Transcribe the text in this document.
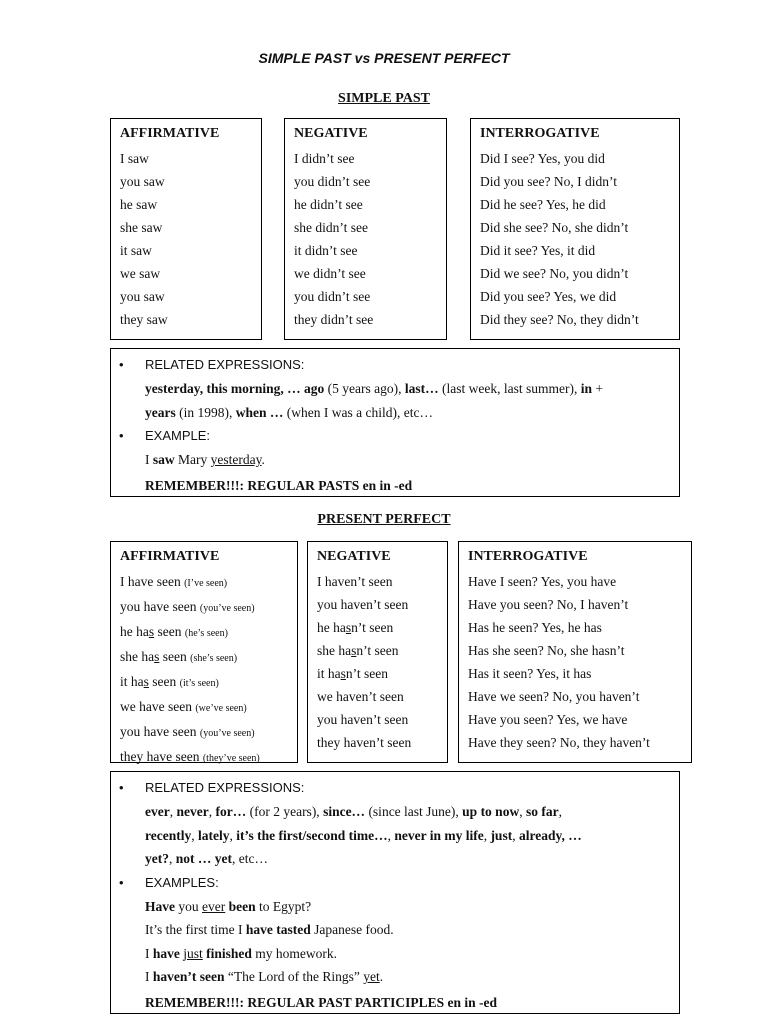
SIMPLE PAST vs PRESENT PERFECT
SIMPLE PAST
AFFIRMATIVE
I saw
you saw
he saw
she saw
it saw
we saw
you saw
they saw
NEGATIVE
I didn’t see
you didn’t see
he didn’t see
she didn’t see
it didn’t see
we didn’t see
you didn’t see
they didn’t see
INTERROGATIVE
Did I see? Yes, you did
Did you see? No, I didn’t
Did he see? Yes, he did
Did she see? No, she didn’t
Did it see? Yes, it did
Did we see? No, you didn’t
Did you see? Yes, we did
Did they see? No, they didn’t
• RELATED EXPRESSIONS:
yesterday, this morning, … ago (5 years ago), last… (last week, last summer), in +
years (in 1998), when … (when I was a child), etc…
• EXAMPLE:
I saw Mary yesterday.
REMEMBER!!!: REGULAR PASTS en in -ed
PRESENT PERFECT
AFFIRMATIVE
I have seen (I’ve seen)
you have seen (you’ve seen)
he has seen (he’s seen)
she has seen (she’s seen)
it has seen (it’s seen)
we have seen (we’ve seen)
you have seen (you’ve seen)
they have seen (they’ve seen)
NEGATIVE
I haven’t seen
you haven’t seen
he hasn’t seen
she hasn’t seen
it hasn’t seen
we haven’t seen
you haven’t seen
they haven’t seen
INTERROGATIVE
Have I seen? Yes, you have
Have you seen? No, I haven’t
Has he seen? Yes, he has
Has she seen? No, she hasn’t
Has it seen? Yes, it has
Have we seen? No, you haven’t
Have you seen? Yes, we have
Have they seen? No, they haven’t
• RELATED EXPRESSIONS:
ever, never, for… (for 2 years), since… (since last June), up to now, so far,
recently, lately, it’s the first/second time…, never in my life, just, already, …
yet?, not … yet, etc…
• EXAMPLES:
Have you ever been to Egypt?
It’s the first time I have tasted Japanese food.
I have just finished my homework.
I haven’t seen “The Lord of the Rings” yet.
REMEMBER!!!: REGULAR PAST PARTICIPLES en in -ed
